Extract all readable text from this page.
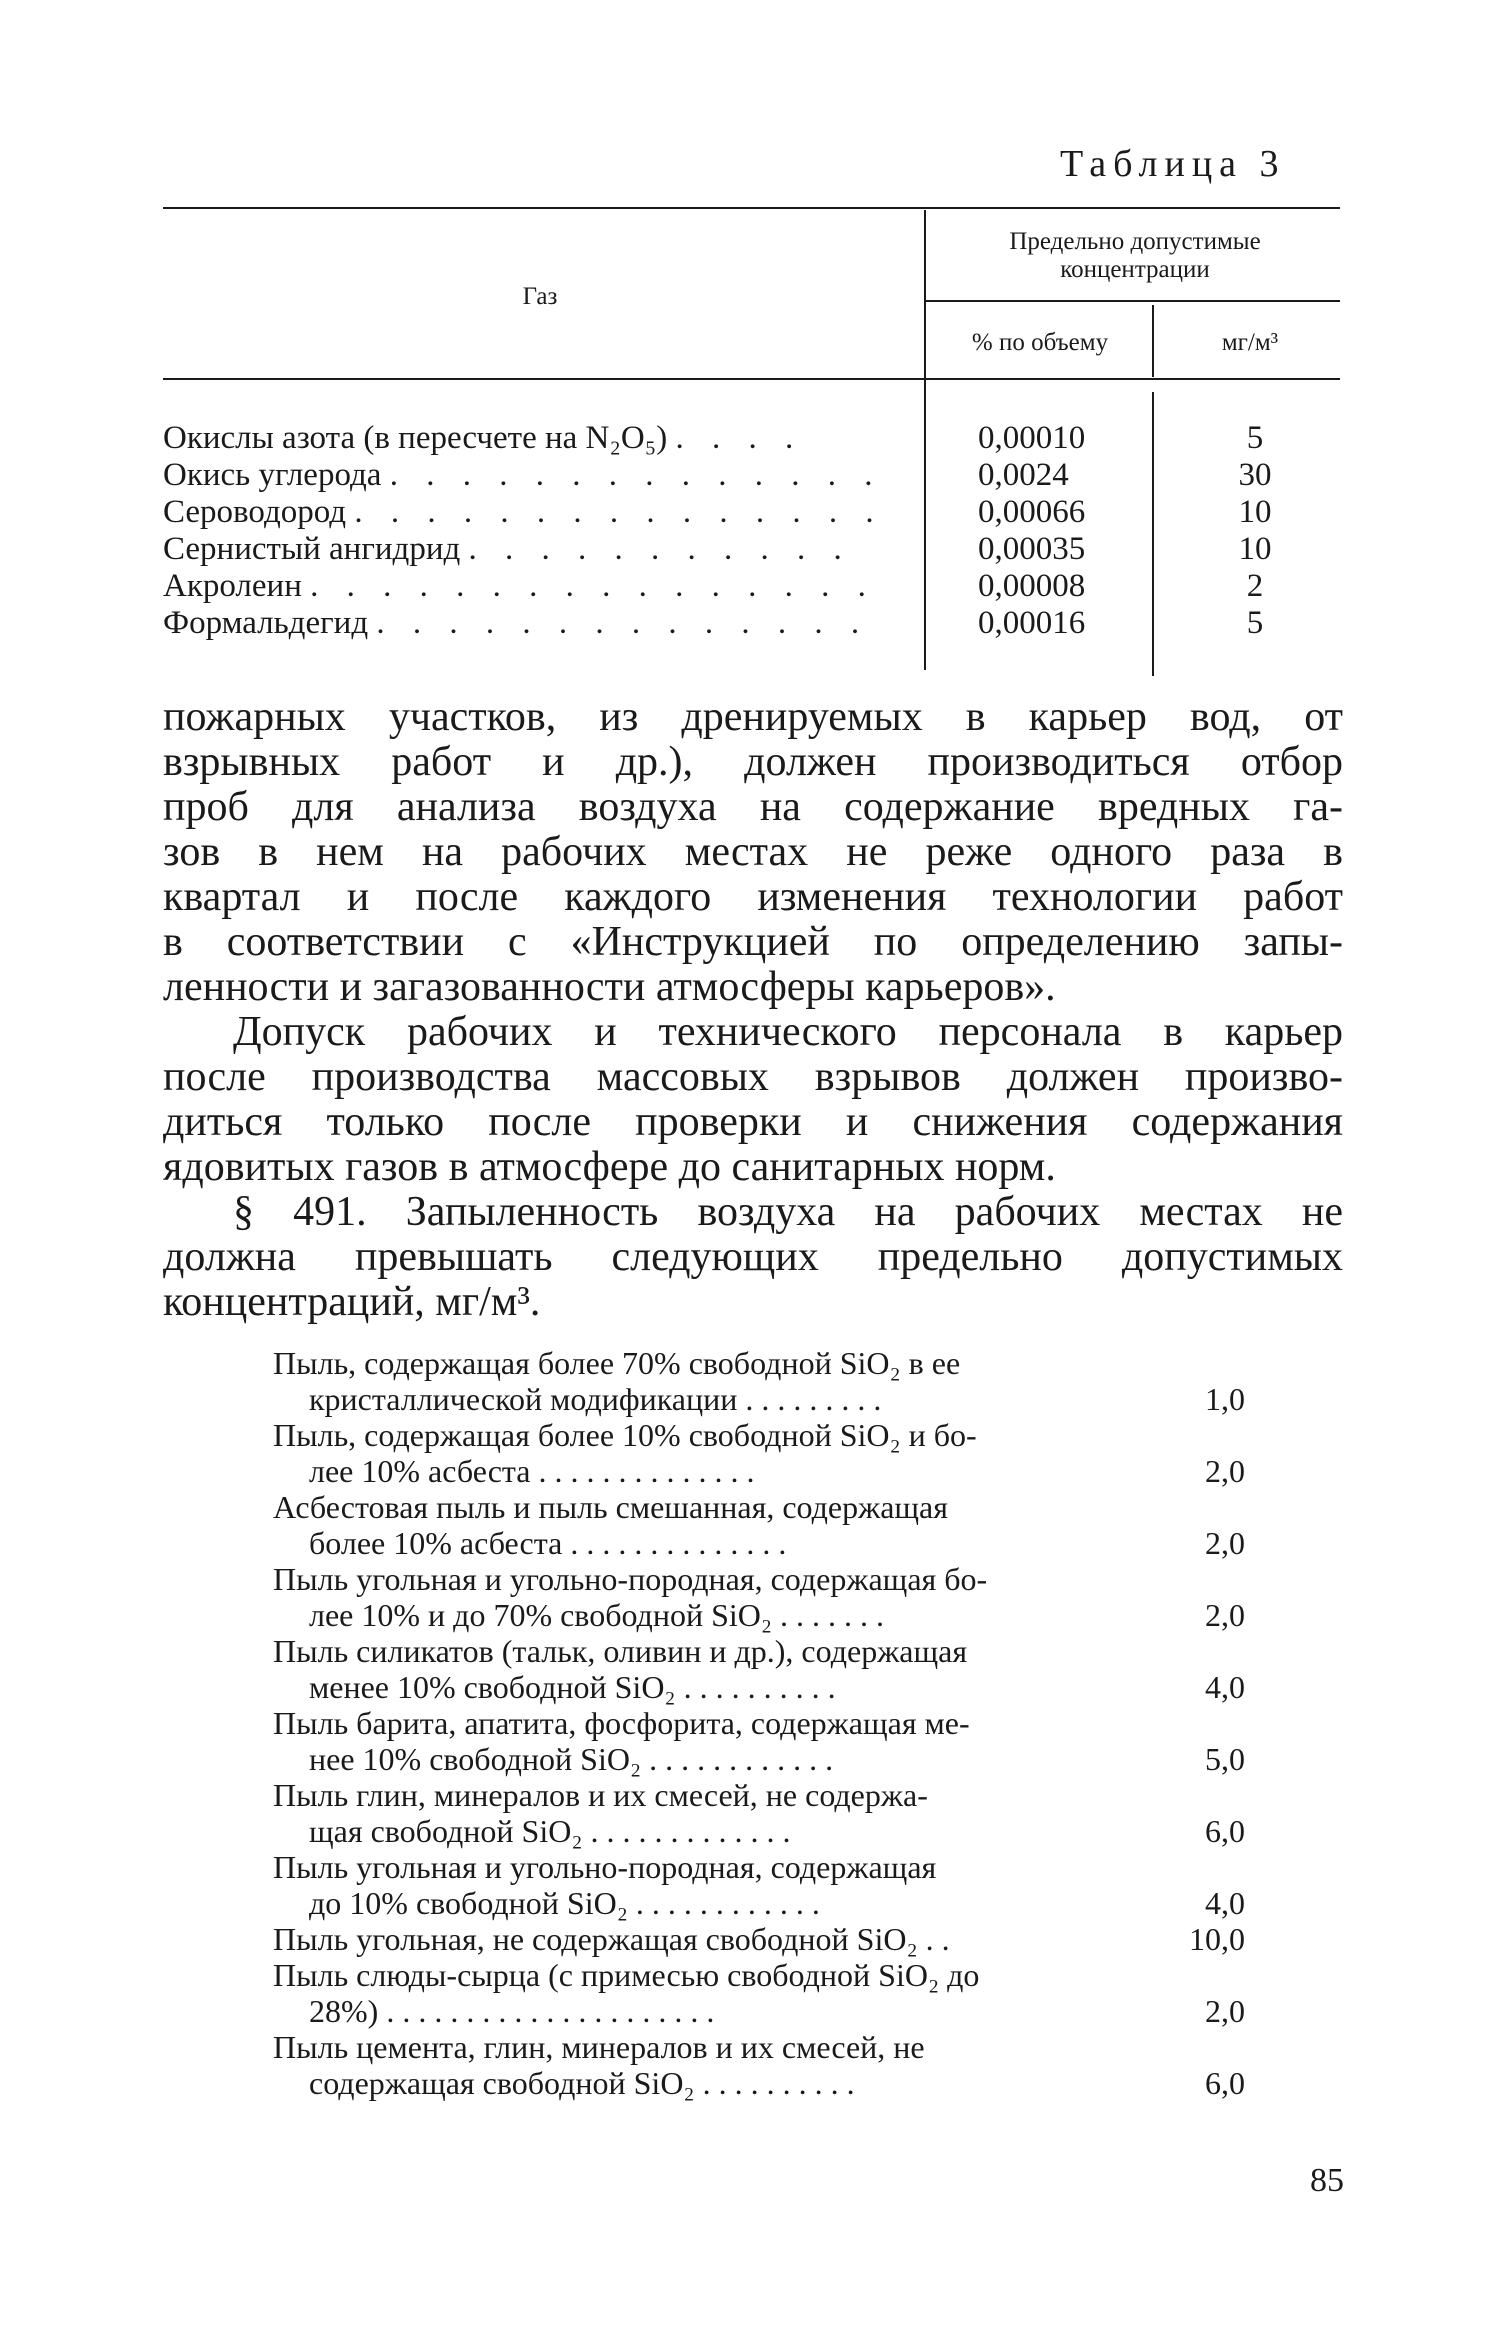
Таблица 3
Газ
Предельно допустимые
концентрации
% по объему	мг/м³
Окислы азота (в пересчете на N₂O₅) . . . .	0,00010	5
Окись углерода . . . . . . . . . . . . . .	0,0024	30
Сероводород . . . . . . . . . . . . . . .	0,00066	10
Сернистый ангидрид . . . . . . . . . . .	0,00035	10
Акролеин . . . . . . . . . . . . . . . .	0,00008	2
Формальдегид . . . . . . . . . . . . . .	0,00016	5
пожарных участков, из дренируемых в карьер вод, от
взрывных работ и др.), должен производиться отбор
проб для анализа воздуха на содержание вредных га-
зов в нем на рабочих местах не реже одного раза в
квартал и после каждого изменения технологии работ
в соответствии с «Инструкцией по определению запы-
ленности и загазованности атмосферы карьеров».
Допуск рабочих и технического персонала в карьер
после производства массовых взрывов должен произво-
диться только после проверки и снижения содержания
ядовитых газов в атмосфере до санитарных норм.
§ 491. Запыленность воздуха на рабочих местах не
должна превышать следующих предельно допустимых
концентраций, мг/м³.
Пыль, содержащая более 70% свободной SiO₂ в ее
кристаллической модификации . . . . . . . . .	1,0
Пыль, содержащая более 10% свободной SiO₂ и бо-
лее 10% асбеста . . . . . . . . . . . . . .	2,0
Асбестовая пыль и пыль смешанная, содержащая
более 10% асбеста . . . . . . . . . . . . . .	2,0
Пыль угольная и угольно-породная, содержащая бо-
лее 10% и до 70% свободной SiO₂ . . . . . . .	2,0
Пыль силикатов (тальк, оливин и др.), содержащая
менее 10% свободной SiO₂ . . . . . . . . . .	4,0
Пыль барита, апатита, фосфорита, содержащая ме-
нее 10% свободной SiO₂ . . . . . . . . . . . .	5,0
Пыль глин, минералов и их смесей, не содержа-
щая свободной SiO₂ . . . . . . . . . . . . .	6,0
Пыль угольная и угольно-породная, содержащая
до 10% свободной SiO₂ . . . . . . . . . . . .	4,0
Пыль угольная, не содержащая свободной SiO₂ . .	10,0
Пыль слюды-сырца (с примесью свободной SiO₂ до
28%) . . . . . . . . . . . . . . . . . . . . .	2,0
Пыль цемента, глин, минералов и их смесей, не
содержащая свободной SiO₂ . . . . . . . . . .	6,0
85
